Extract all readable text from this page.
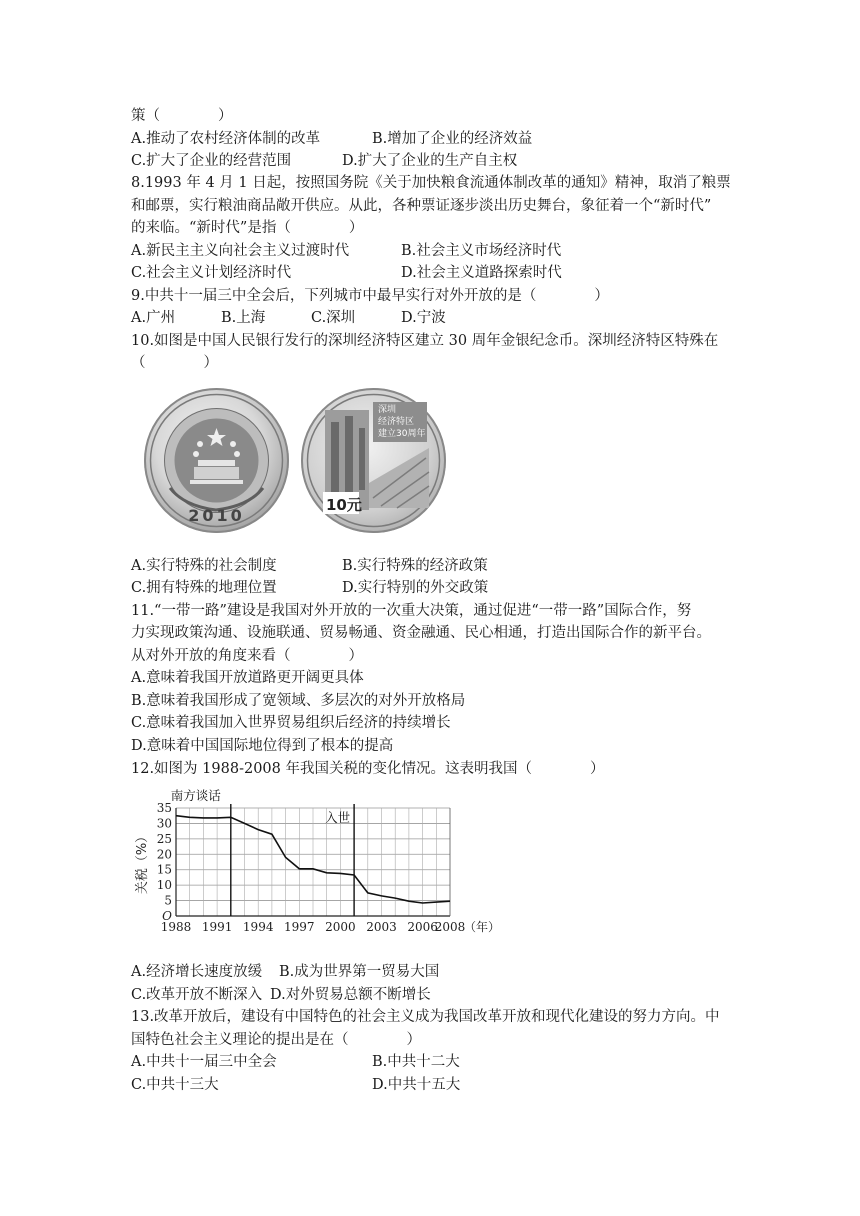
策（　　　　）
A.推动了农村经济体制的改革	B.增加了企业的经济效益
C.扩大了企业的经营范围	D.扩大了企业的生产自主权
8.1993 年 4 月 1 日起，按照国务院《关于加快粮食流通体制改革的通知》精神，取消了粮票
和邮票，实行粮油商品敞开供应。从此，各种票证逐步淡出历史舞台，象征着一个“新时代”
的来临。“新时代”是指（　　　　）
A.新民主主义向社会主义过渡时代	B.社会主义市场经济时代
C.社会主义计划经济时代	D.社会主义道路探索时代
9.中共十一届三中全会后，下列城市中最早实行对外开放的是（　　　　）
A.广州	B.上海	C.深圳	D.宁波
10.如图是中国人民银行发行的深圳经济特区建立 30 周年金银纪念币。深圳经济特区特殊在
（　　　　）
2010
深圳
经济特区
建立30周年
10元
A.实行特殊的社会制度	B.实行特殊的经济政策
C.拥有特殊的地理位置	D.实行特别的外交政策
11.“一带一路”建设是我国对外开放的一次重大决策，通过促进“一带一路”国际合作，努
力实现政策沟通、设施联通、贸易畅通、资金融通、民心相通，打造出国际合作的新平台。
从对外开放的角度来看（　　　　）
A.意味着我国开放道路更开阔更具体
B.意味着我国形成了宽领域、多层次的对外开放格局
C.意味着我国加入世界贸易组织后经济的持续增长
D.意味着中国国际地位得到了根本的提高
12.如图为 1988-2008 年我国关税的变化情况。这表明我国（　　　　）
O
5
10
15
20
25
30
35
1988 1991 1994 1997 2000 2003 2006
2008
南方谈话
入世
关税（%）
（年）
A.经济增长速度放缓 B.成为世界第一贸易大国
C.改革开放不断深入 D.对外贸易总额不断增长
13.改革开放后，建设有中国特色的社会主义成为我国改革开放和现代化建设的努力方向。中
国特色社会主义理论的提出是在（　　　　）
A.中共十一届三中全会	B.中共十二大
C.中共十三大	D.中共十五大
